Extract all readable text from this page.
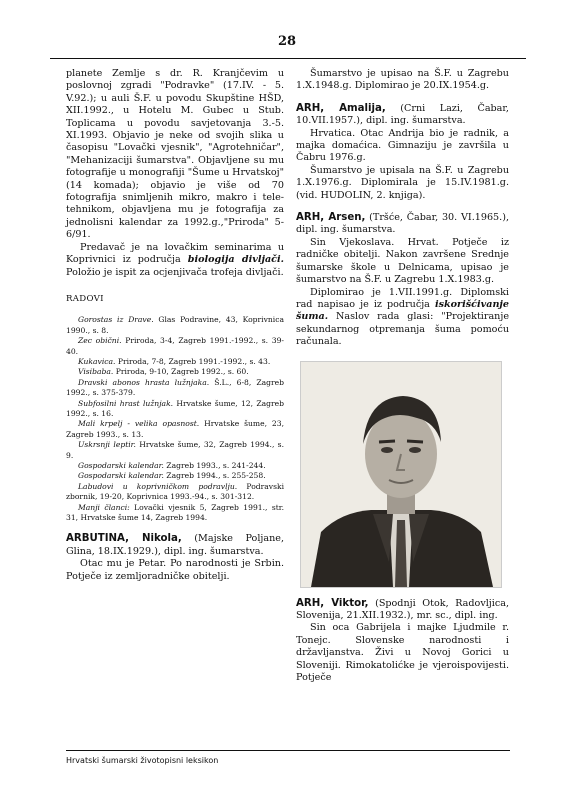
28

planete Zemlje s dr. R. Kranjčevim u poslovnoj zgradi "Podravke" (17.IV. - 5. V.92.); u auli Š.F. u povodu Skupštine HŠD, XII.1992., u Hotelu M. Gubec u Stub. Toplicama u povodu savjetovanja 3.-5. XI.1993. Objavio je neke od svojih slika u časopisu "Lovački vjesnik", "Agrotehničar", "Mehanizaciji šumarstva". Objavljene su mu fotografije u monografiji "Šume u Hrvatskoj" (14 komada); objavio je više od 70 fotografija snimljenih mikro, makro i tele-tehnikom, objavljena mu je fotografija za jednolisni kalendar za 1992.g.,"Priroda" 5-6/91.

Predavač je na lovačkim seminarima u Koprivnici iz područja biologija divljači. Položio je ispit za ocjenjivača trofeja divljači.

RADOVI

Gorostas iz Drave. Glas Podravine, 43, Koprivnica 1990., s. 8.

Zec obični. Priroda, 3-4, Zagreb 1991.-1992., s. 39-40.

Kukavica. Priroda, 7-8, Zagreb 1991.-1992., s. 43.

Visibaba. Priroda, 9-10, Zagreb 1992., s. 60.

Dravski abonos hrasta lužnjaka. Š.L., 6-8, Zagreb 1992., s. 375-379.

Subfosilni hrast lužnjak. Hrvatske šume, 12, Zagreb 1992., s. 16.

Mali krpelj - velika opasnost. Hrvatske šume, 23, Zagreb 1993., s. 13.

Uskrsnji leptir. Hrvatske šume, 32, Zagreb 1994., s. 9.

Gospodarski kalendar. Zagreb 1993., s. 241-244.

Gospodarski kalendar. Zagreb 1994., s. 255-258.

Labudovi u koprivničkom podravlju. Podravski zbornik, 19-20, Koprivnica 1993.-94., s. 301-312.

Manji članci: Lovački vjesnik 5, Zagreb 1991., str. 31, Hrvatske šume 14, Zagreb 1994.

ARBUTINA, Nikola, (Majske Poljane, Glina, 18.IX.1929.), dipl. ing. šumarstva.

Otac mu je Petar. Po narodnosti je Srbin. Potječe iz zemljoradničke obitelji.

Šumarstvo je upisao na Š.F. u Zagrebu 1.X.1948.g. Diplomirao je 20.IX.1954.g.

ARH, Amalija, (Crni Lazi, Čabar, 10.VII.1957.), dipl. ing. šumarstva.

Hrvatica. Otac Andrija bio je radnik, a majka domaćica. Gimnaziju je završila u Čabru 1976.g.

Šumarstvo je upisala na Š.F. u Zagrebu 1.X.1976.g. Diplomirala je 15.IV.1981.g. (vid. HUDOLIN, 2. knjiga).

ARH, Arsen, (Tršće, Čabar, 30. VI.1965.), dipl. ing. šumarstva.

Sin Vjekoslava. Hrvat. Potječe iz radničke obitelji. Nakon završene Srednje šumarske škole u Delnicama, upisao je šumarstvo na Š.F. u Zagrebu 1.X.1983.g.

Diplomirao je 1.VII.1991.g. Diplomski rad napisao je iz područja iskorišćivanje šuma. Naslov rada glasi: "Projektiranje sekundarnog otpremanja šuma pomoću računala.

ARH, Viktor, (Spodnji Otok, Radovljica, Slovenija, 21.XII.1932.), mr. sc., dipl. ing.

Sin oca Gabrijela i majke Ljudmile r. Tonejc. Slovenske narodnosti i državljanstva. Živi u Novoj Gorici u Sloveniji. Rimokatolićke je vjeroispovijesti. Potječe

Hrvatski šumarski životopisni leksikon
